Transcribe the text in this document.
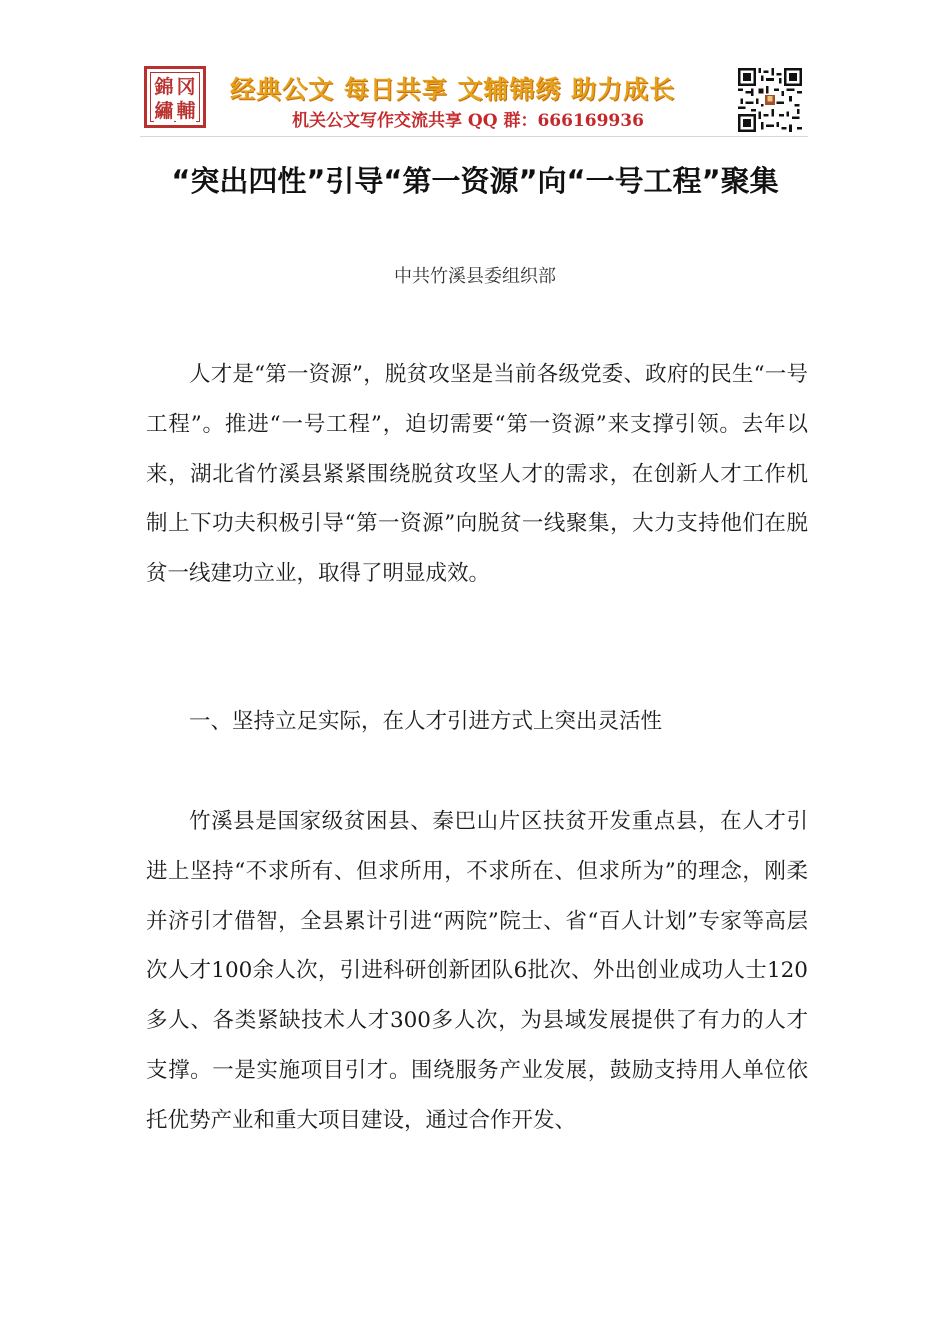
錦 冈
繡 輔
经典公文 每日共享 文辅锦绣 助力成长
机关公文写作交流共享 QQ 群：666169936
“突出四性”引导“第一资源”向“一号工程”聚集
中共竹溪县委组织部
人才是“第一资源”，脱贫攻坚是当前各级党委、政府的民生“一号工程”。推进“一号工程”，迫切需要“第一资源”来支撑引领。去年以来，湖北省竹溪县紧紧围绕脱贫攻坚人才的需求，在创新人才工作机制上下功夫积极引导“第一资源”向脱贫一线聚集，大力支持他们在脱贫一线建功立业，取得了明显成效。
一、坚持立足实际，在人才引进方式上突出灵活性
竹溪县是国家级贫困县、秦巴山片区扶贫开发重点县，在人才引进上坚持“不求所有、但求所用，不求所在、但求所为”的理念，刚柔并济引才借智，全县累计引进“两院”院士、省“百人计划”专家等高层次人才100余人次，引进科研创新团队6批次、外出创业成功人士120多人、各类紧缺技术人才300多人次，为县域发展提供了有力的人才支撑。一是实施项目引才。围绕服务产业发展，鼓励支持用人单位依托优势产业和重大项目建设，通过合作开发、
